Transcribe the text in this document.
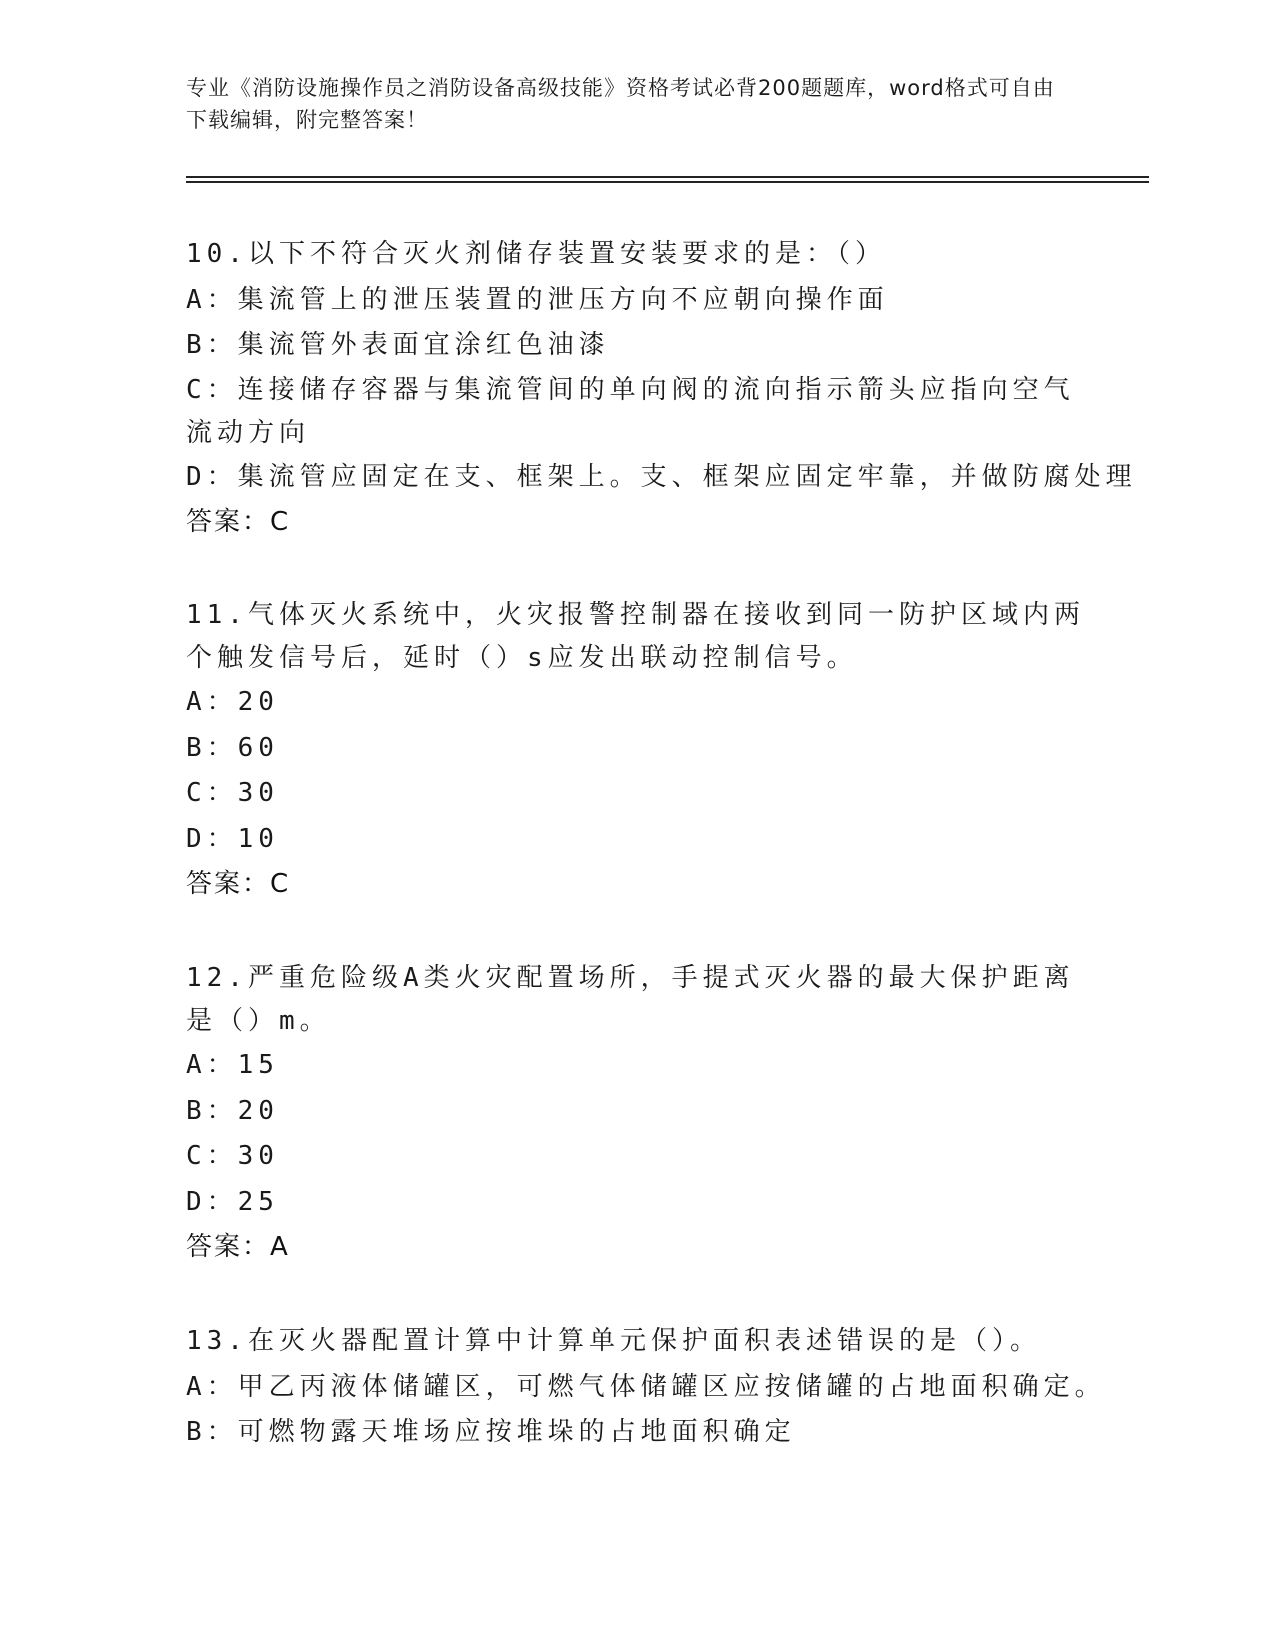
专业《消防设施操作员之消防设备高级技能》资格考试必背200题题库，word格式可自由下载编辑，附完整答案！
10.以下不符合灭火剂储存装置安装要求的是：（）
A：集流管上的泄压装置的泄压方向不应朝向操作面
B：集流管外表面宜涂红色油漆
C：连接储存容器与集流管间的单向阀的流向指示箭头应指向空气流动方向
D：集流管应固定在支、框架上。支、框架应固定牢靠，并做防腐处理
答案：C
11.气体灭火系统中，火灾报警控制器在接收到同一防护区域内两个触发信号后，延时（）s应发出联动控制信号。
A：20
B：60
C：30
D：10
答案：C
12.严重危险级A类火灾配置场所，手提式灭火器的最大保护距离是（）m。
A：15
B：20
C：30
D：25
答案：A
13.在灭火器配置计算中计算单元保护面积表述错误的是（）。
A：甲乙丙液体储罐区，可燃气体储罐区应按储罐的占地面积确定。
B：可燃物露天堆场应按堆垛的占地面积确定
